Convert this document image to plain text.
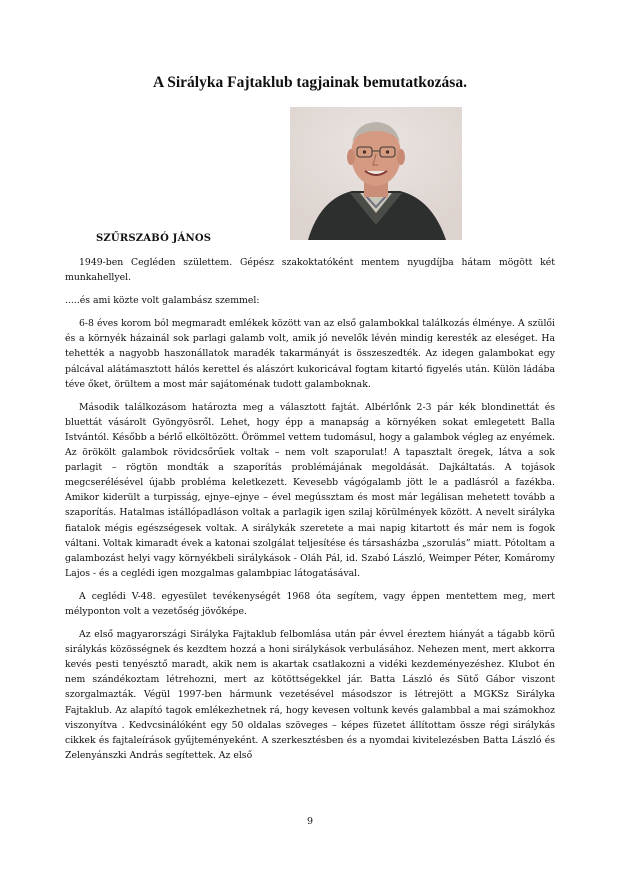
A Sirályka Fajtaklub tagjainak bemutatkozása.
SZŰRSZABÓ JÁNOS

1949-ben Cegléden születtem. Gépész szakoktatóként mentem nyugdíjba hátam mögött két munkahellyel.

.....és ami közte volt galambász szemmel:

6-8 éves korom ból megmaradt emlékek között van az első galambokkal találkozás élménye. A szülői és a környék házainál sok parlagi galamb volt, amik jó nevelők lévén mindig keresték az eleséget. Ha tehették a nagyobb haszonállatok maradék takarmányát is összeszedték. Az idegen galambokat egy pálcával alátámasztott hálós kerettel és alászórt kukoricával fogtam kitartó figyelés után. Külön ládába téve őket, örültem a most már sajátoménak tudott galamboknak.

Második találkozásom határozta meg a választott fajtát. Albérlőnk 2-3 pár kék blondinettát és bluettát vásárolt Gyöngyösről. Lehet, hogy épp a manapság a környéken sokat emlegetett Balla Istvántól. Később a bérlő elköltözött. Örömmel vettem tudomásul, hogy a galambok végleg az enyémek. Az örökölt galambok rövidcsőrűek voltak – nem volt szaporulat! A tapasztalt öregek, látva a sok parlagit – rögtön mondták a szaporítás problémájának megoldását. Dajkáltatás. A tojások megcserélésével újabb probléma keletkezett. Kevesebb vágógalamb jött le a padlásról a fazékba. Amikor kiderült a turpisság, ejnye–ejnye – ével megússztam és most már legálisan mehetett tovább a szaporítás. Hatalmas istállópadláson voltak a parlagik igen szilaj körülmények között. A nevelt sirályka fiatalok mégis egészségesek voltak. A sirálykák szeretete a mai napig kitartott és már nem is fogok váltani. Voltak kimaradt évek a katonai szolgálat teljesítése és társasházba „szorulás” miatt. Pótoltam a galambozást helyi vagy környékbeli sirálykások - Oláh Pál, id. Szabó László, Weimper Péter, Komáromy Lajos - és a ceglédi igen mozgalmas galambpiac látogatásával.

A ceglédi V-48. egyesület tevékenységét 1968 óta segítem, vagy éppen mentettem meg, mert mélyponton volt a vezetőség jövőképe.

Az első magyarországi Sirályka Fajtaklub felbomlása után pár évvel éreztem hiányát a tágabb körű sirálykás közösségnek és kezdtem hozzá a honi sirálykások verbulásához. Nehezen ment, mert akkorra kevés pesti tenyésztő maradt, akik nem is akartak csatlakozni a vidéki kezdeményezéshez. Klubot én nem szándékoztam létrehozni, mert az kötöttségekkel jár. Batta László és Sütő Gábor viszont szorgalmazták. Végül 1997-ben hármunk vezetésével másodszor is létrejött a MGKSz Sirályka Fajtaklub. Az alapító tagok emlékezhetnek rá, hogy kevesen voltunk kevés galambbal a mai számokhoz viszonyítva . Kedvcsinálóként egy 50 oldalas szöveges – képes füzetet állítottam össze régi sirálykás cikkek és fajtaleírások gyűjteményeként. A szerkesztésben és a nyomdai kivitelezésben Batta László és Zelenyánszki András segítettek. Az első

9
